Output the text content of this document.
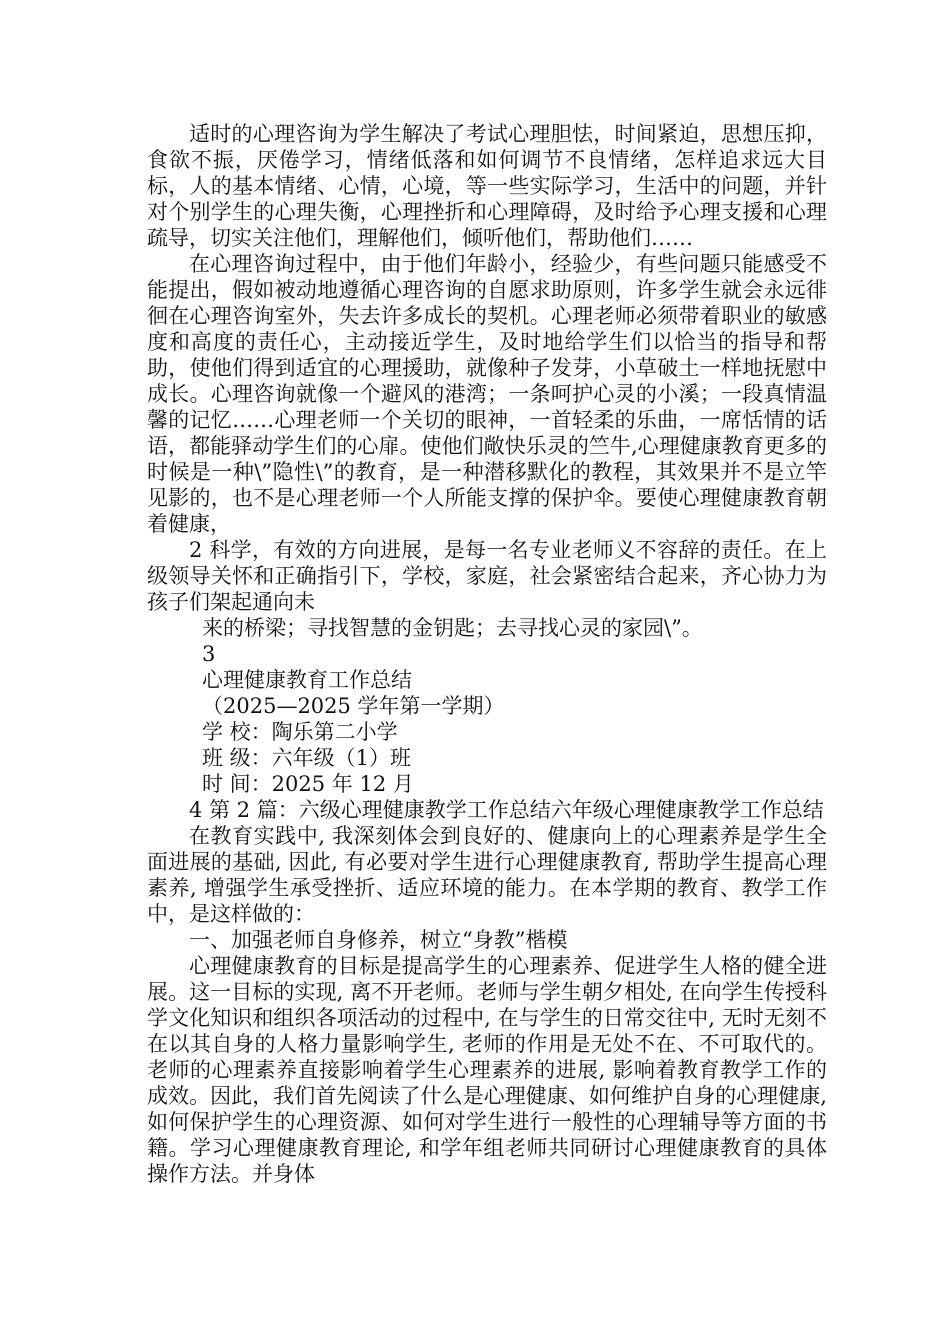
适时的心理咨询为学生解决了考试心理胆怯，时间紧迫，思想压抑，食欲不振，厌倦学习，情绪低落和如何调节不良情绪，怎样追求远大目标，人的基本情绪、心情，心境，等一些实际学习，生活中的问题，并针对个别学生的心理失衡，心理挫折和心理障碍，及时给予心理支援和心理疏导，切实关注他们，理解他们，倾听他们，帮助他们……

在心理咨询过程中，由于他们年龄小，经验少，有些问题只能感受不能提出，假如被动地遵循心理咨询的自愿求助原则，许多学生就会永远徘徊在心理咨询室外，失去许多成长的契机。心理老师必须带着职业的敏感度和高度的责任心，主动接近学生，及时地给学生们以恰当的指导和帮助，使他们得到适宜的心理援助，就像种子发芽，小草破土一样地抚慰中成长。心理咨询就像一个避风的港湾；一条呵护心灵的小溪；一段真情温馨的记忆……心理老师一个关切的眼神，一首轻柔的乐曲，一席恬情的话语，都能驿动学生们的心扉。使他们敞快乐灵的竺牛,心理健康教育更多的时候是一种\”隐性\”的教育，是一种潜移默化的教程，其效果并不是立竿见影的，也不是心理老师一个人所能支撑的保护伞。要使心理健康教育朝着健康，

2 科学，有效的方向进展，是每一名专业老师义不容辞的责任。在上级领导关怀和正确指引下，学校，家庭，社会紧密结合起来，齐心协力为孩子们架起通向未

来的桥梁；寻找智慧的金钥匙；去寻找心灵的家园\”。

3

心理健康教育工作总结

（2025—2025 学年第一学期）

学 校：陶乐第二小学

班 级：六年级（1）班

时 间：2025 年 12 月

4 第 2 篇：六级心理健康教学工作总结六年级心理健康教学工作总结

在教育实践中, 我深刻体会到良好的、健康向上的心理素养是学生全面进展的基础, 因此, 有必要对学生进行心理健康教育, 帮助学生提高心理素养, 增强学生承受挫折、适应环境的能力。在本学期的教育、教学工作中，是这样做的：

一、加强老师自身修养，树立“身教”楷模

心理健康教育的目标是提高学生的心理素养、促进学生人格的健全进展。这一目标的实现, 离不开老师。老师与学生朝夕相处, 在向学生传授科学文化知识和组织各项活动的过程中, 在与学生的日常交往中, 无时无刻不在以其自身的人格力量影响学生, 老师的作用是无处不在、不可取代的。老师的心理素养直接影响着学生心理素养的进展, 影响着教育教学工作的成效。因此，我们首先阅读了什么是心理健康、如何维护自身的心理健康, 如何保护学生的心理资源、如何对学生进行一般性的心理辅导等方面的书籍。学习心理健康教育理论, 和学年组老师共同研讨心理健康教育的具体操作方法。并身体
